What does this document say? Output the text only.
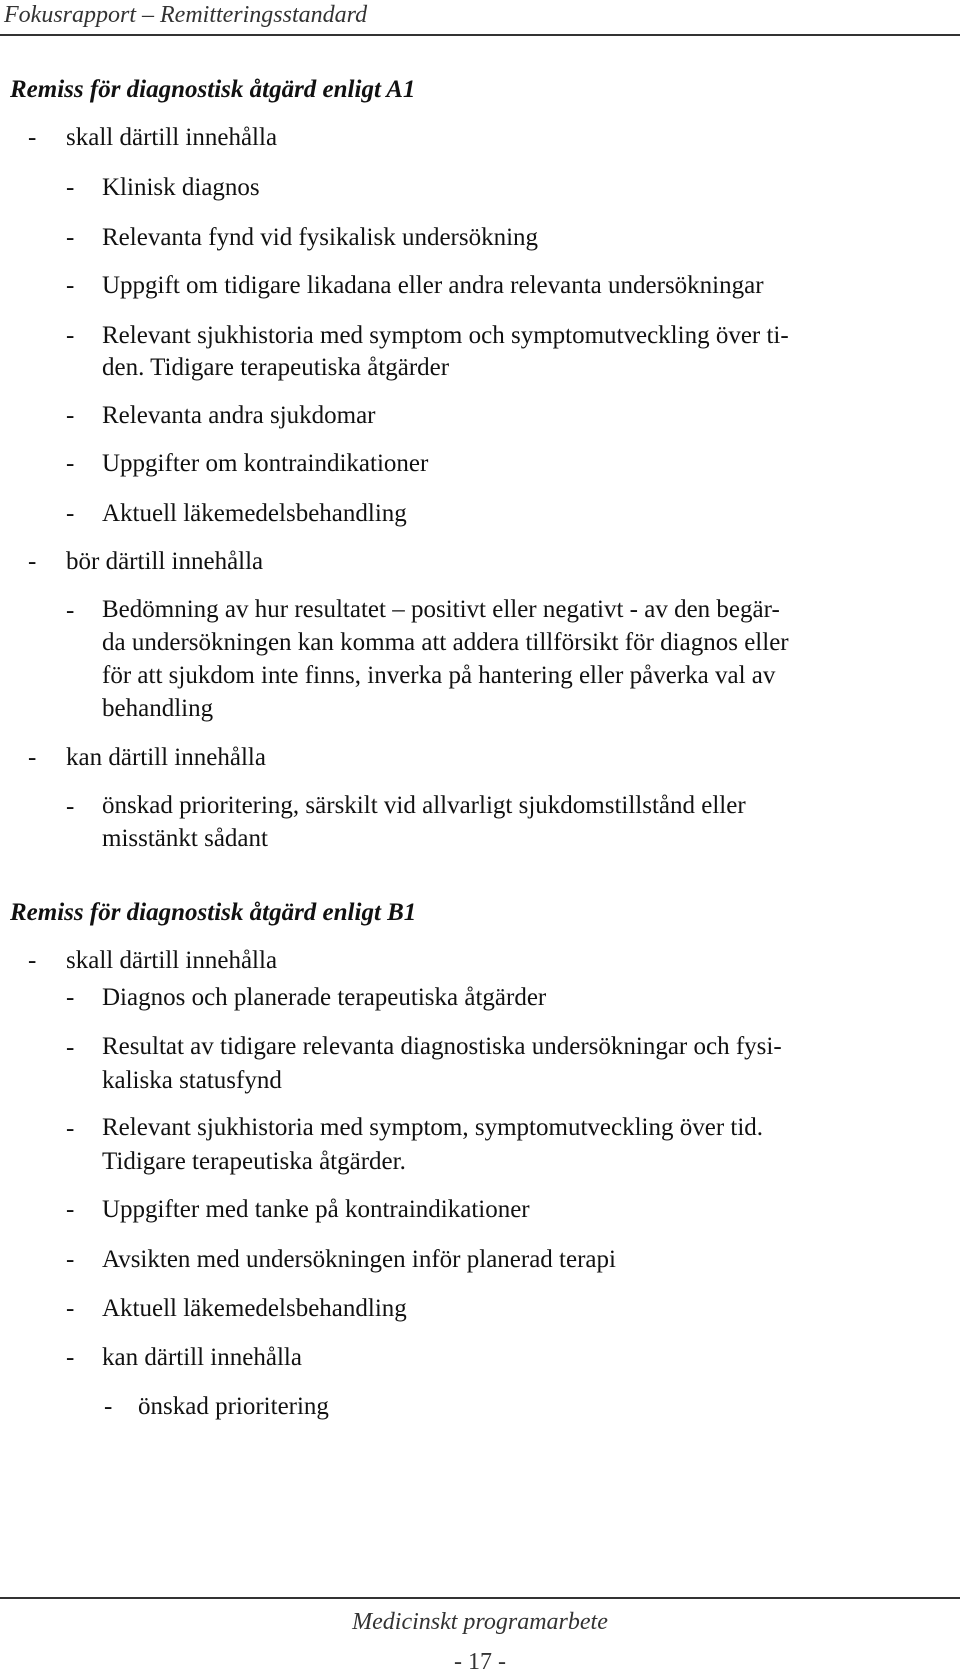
Fokusrapport – Remitteringsstandard
Remiss för diagnostisk åtgärd enligt A1
- skall därtill innehålla
- Klinisk diagnos
- Relevanta fynd vid fysikalisk undersökning
- Uppgift om tidigare likadana eller andra relevanta undersökningar
- Relevant sjukhistoria med symptom och symptomutveckling över ti-
den. Tidigare terapeutiska åtgärder
- Relevanta andra sjukdomar
- Uppgifter om kontraindikationer
- Aktuell läkemedelsbehandling
- bör därtill innehålla
- Bedömning av hur resultatet – positivt eller negativt - av den begär-
da undersökningen kan komma att addera tillförsikt för diagnos eller
för att sjukdom inte finns, inverka på hantering eller påverka val av
behandling
- kan därtill innehålla
- önskad prioritering, särskilt vid allvarligt sjukdomstillstånd eller
misstänkt sådant
Remiss för diagnostisk åtgärd enligt B1
- skall därtill innehålla
- Diagnos och planerade terapeutiska åtgärder
- Resultat av tidigare relevanta diagnostiska undersökningar och fysi-
kaliska statusfynd
- Relevant sjukhistoria med symptom, symptomutveckling över tid.
Tidigare terapeutiska åtgärder.
- Uppgifter med tanke på kontraindikationer
- Avsikten med undersökningen inför planerad terapi
- Aktuell läkemedelsbehandling
- kan därtill innehålla
- önskad prioritering
Medicinskt programarbete
- 17 -
